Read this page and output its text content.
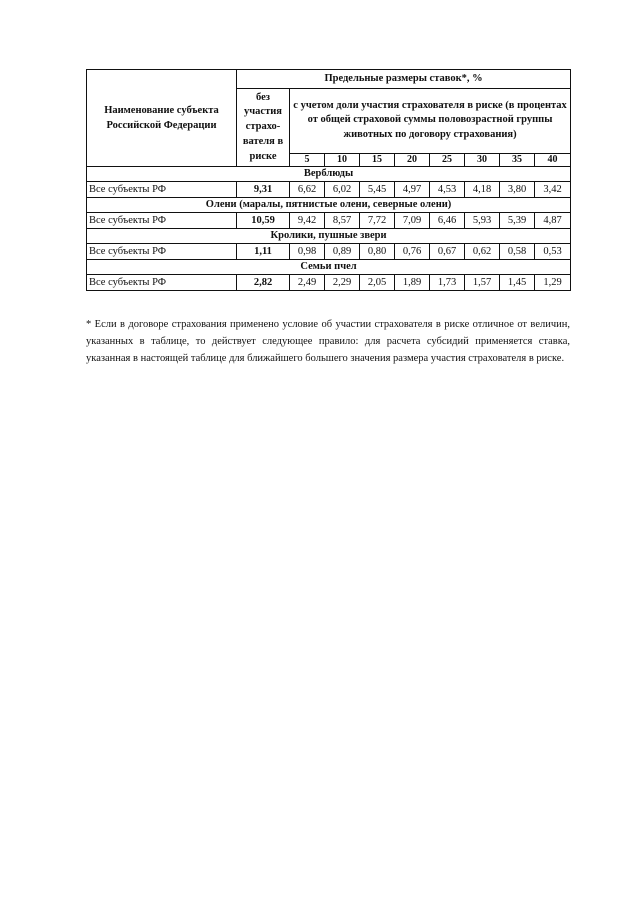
Наименование субъекта Российской Федерации	Предельные размеры ставок*, %								
	без участия страхо-вателя в риске	с учетом доли участия страхователя в риске (в процентах от общей страховой суммы половозрастной группы животных по договору страхования)							
		5	10	15	20	25	30	35	40
Верблюды									
Все субъекты РФ	9,31	6,62	6,02	5,45	4,97	4,53	4,18	3,80	3,42
Олени (маралы, пятнистые олени, северные олени)									
Все субъекты РФ	10,59	9,42	8,57	7,72	7,09	6,46	5,93	5,39	4,87
Кролики, пушные звери									
Все субъекты РФ	1,11	0,98	0,89	0,80	0,76	0,67	0,62	0,58	0,53
Семьи пчел									
Все субъекты РФ	2,82	2,49	2,29	2,05	1,89	1,73	1,57	1,45	1,29

* Если в договоре страхования применено условие об участии страхователя в риске отличное от величин, указанных в таблице, то действует следующее правило: для расчета субсидий применяется ставка, указанная в настоящей таблице для ближайшего большего значения размера участия страхователя в риске.
